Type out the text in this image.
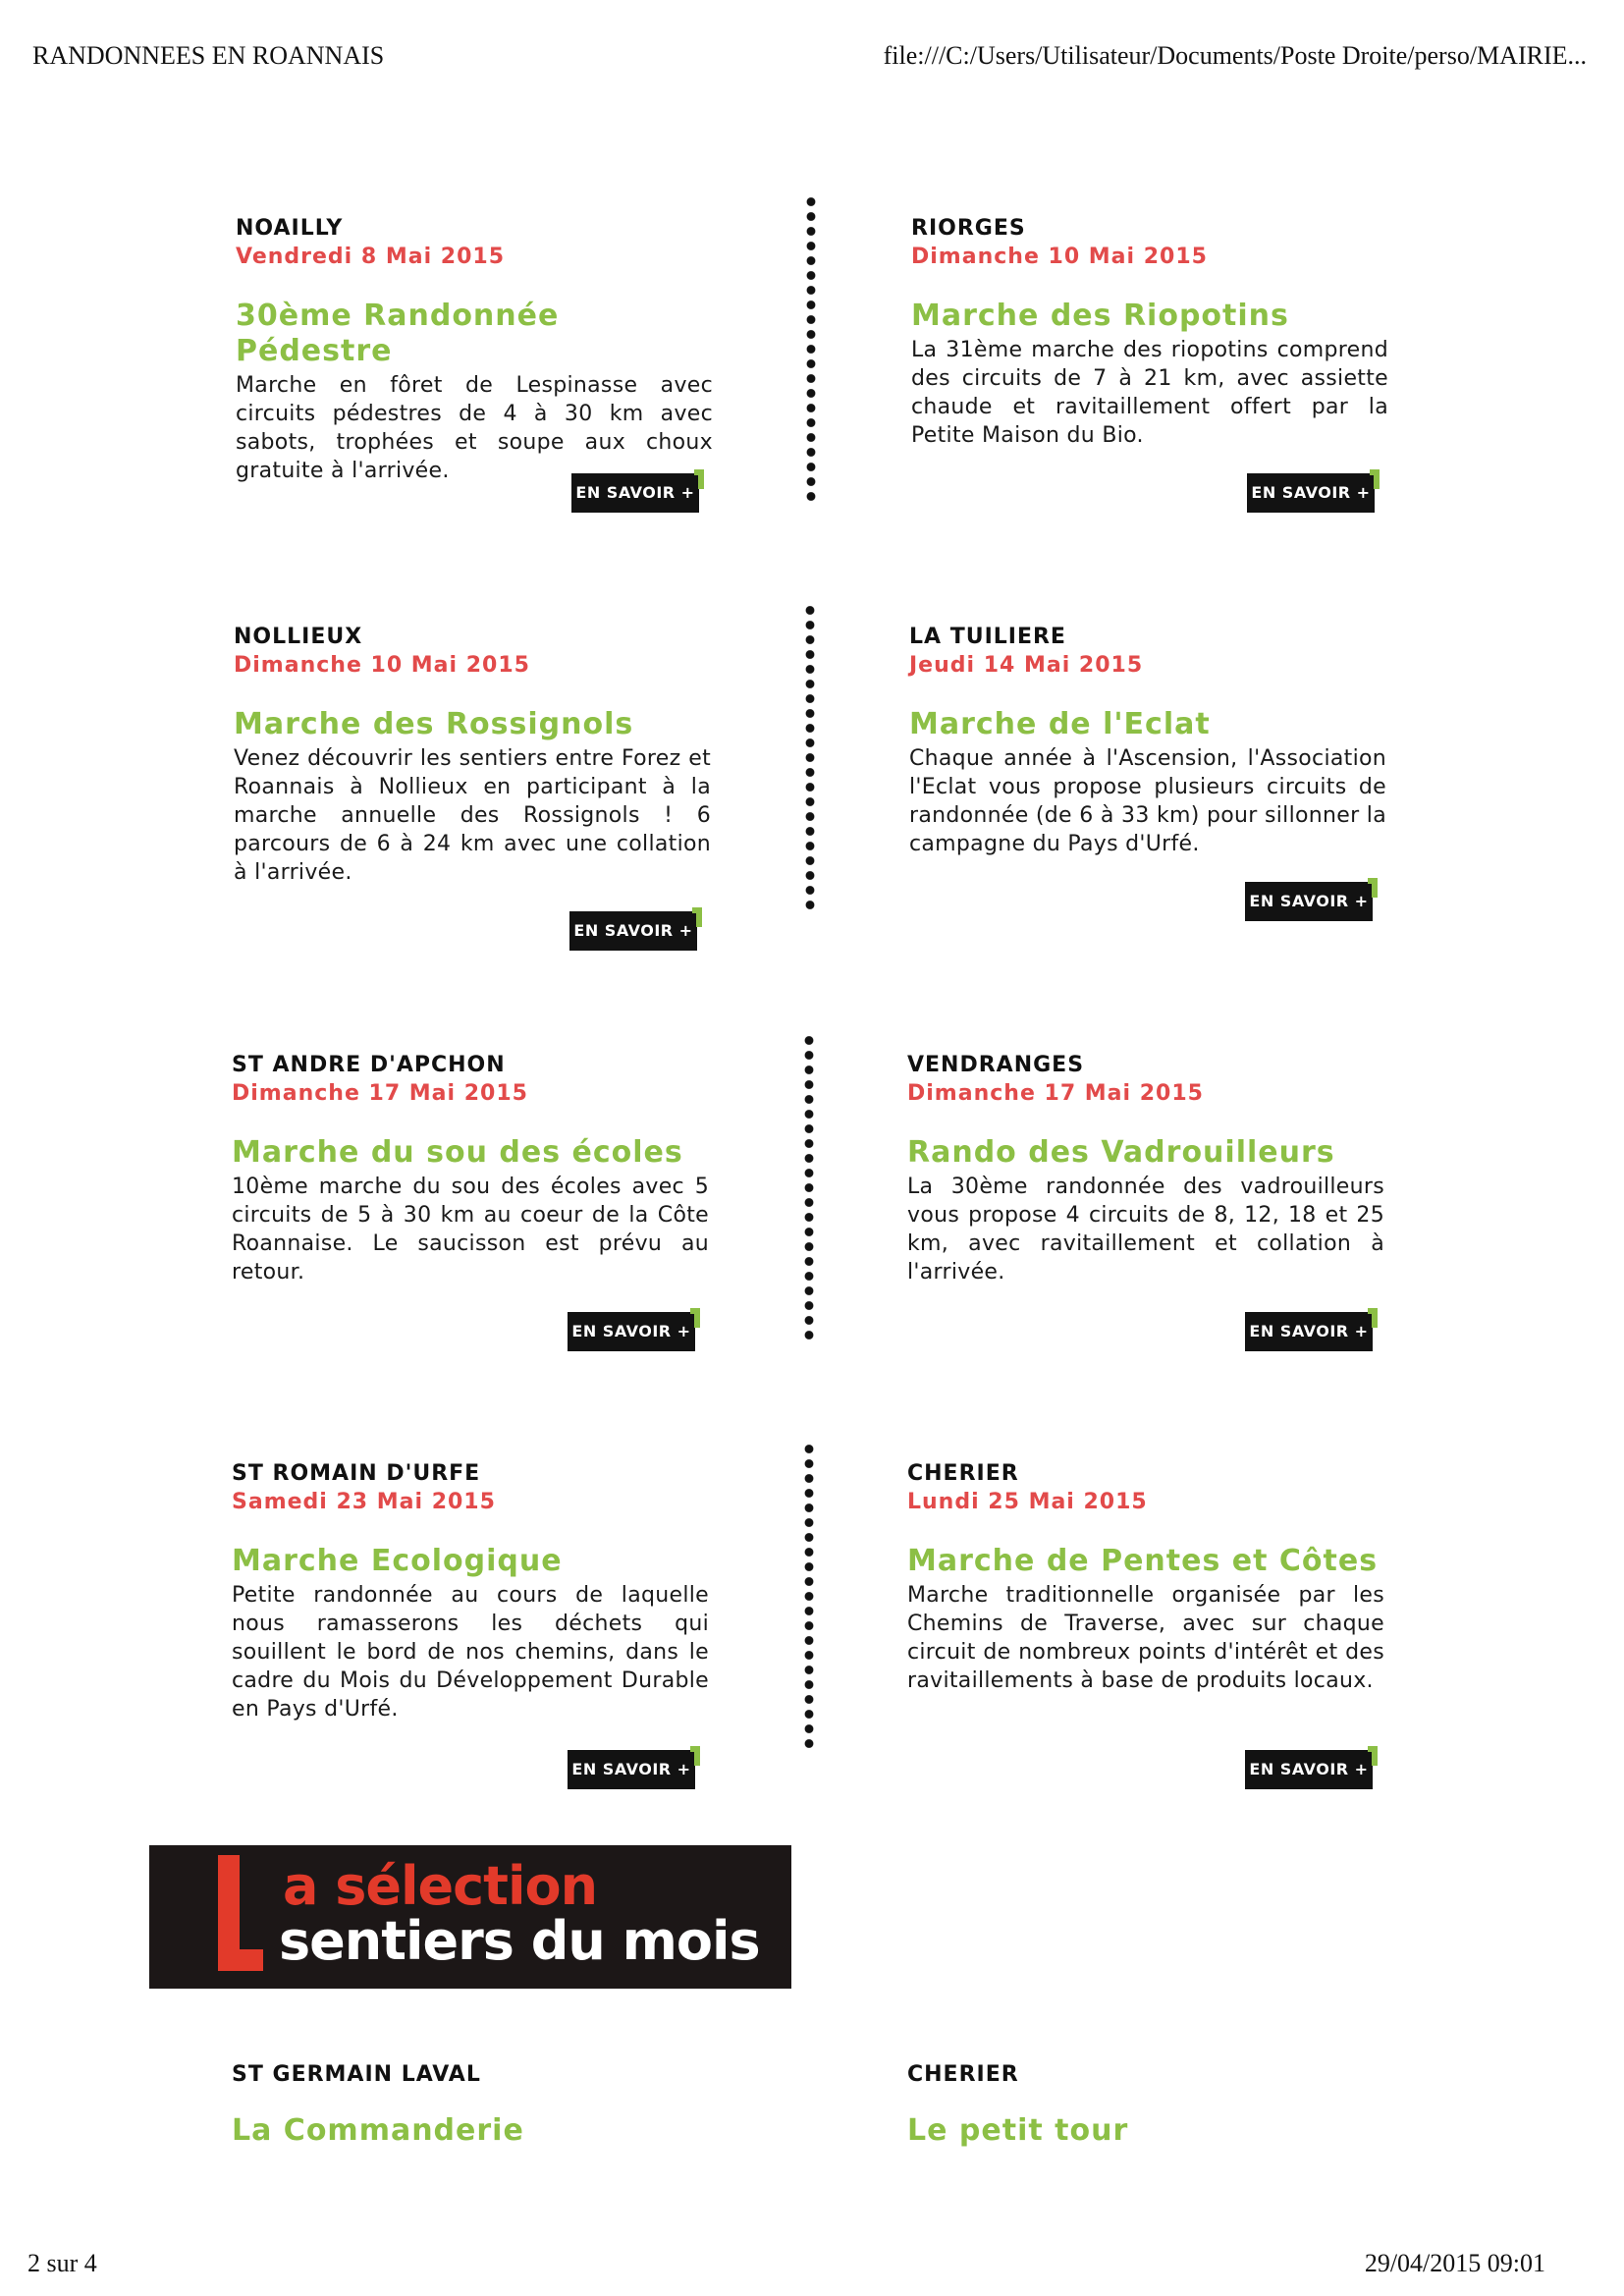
RANDONNEES EN ROANNAIS	file:///C:/Users/Utilisateur/Documents/Poste Droite/perso/MAIRIE...
NOAILLY
Vendredi 8 Mai 2015
30ème Randonnée Pédestre
Marche en fôret de Lespinasse avec circuits pédestres de 4 à 30 km avec sabots, trophées et soupe aux choux gratuite à l'arrivée.
EN SAVOIR +
RIORGES
Dimanche 10 Mai 2015
Marche des Riopotins
La 31ème marche des riopotins comprend des circuits de 7 à 21 km, avec assiette chaude et ravitaillement offert par la Petite Maison du Bio.
EN SAVOIR +
NOLLIEUX
Dimanche 10 Mai 2015
Marche des Rossignols
Venez découvrir les sentiers entre Forez et Roannais à Nollieux en participant à la marche annuelle des Rossignols ! 6 parcours de 6 à 24 km avec une collation à l'arrivée.
EN SAVOIR +
LA TUILIERE
Jeudi 14 Mai 2015
Marche de l'Eclat
Chaque année à l'Ascension, l'Association l'Eclat vous propose plusieurs circuits de randonnée (de 6 à 33 km) pour sillonner la campagne du Pays d'Urfé.
EN SAVOIR +
ST ANDRE D'APCHON
Dimanche 17 Mai 2015
Marche du sou des écoles
10ème marche du sou des écoles avec 5 circuits de 5 à 30 km au coeur de la Côte Roannaise. Le saucisson est prévu au retour.
EN SAVOIR +
VENDRANGES
Dimanche 17 Mai 2015
Rando des Vadrouilleurs
La 30ème randonnée des vadrouilleurs vous propose 4 circuits de 8, 12, 18 et 25 km, avec ravitaillement et collation à l'arrivée.
EN SAVOIR +
ST ROMAIN D'URFE
Samedi 23 Mai 2015
Marche Ecologique
Petite randonnée au cours de laquelle nous ramasserons les déchets qui souillent le bord de nos chemins, dans le cadre du Mois du Développement Durable en Pays d'Urfé.
EN SAVOIR +
CHERIER
Lundi 25 Mai 2015
Marche de Pentes et Côtes
Marche traditionnelle organisée par les Chemins de Traverse, avec sur chaque circuit de nombreux points d'intérêt et des ravitaillements à base de produits locaux.
EN SAVOIR +
a sélection
sentiers du mois
ST GERMAIN LAVAL
La Commanderie
CHERIER
Le petit tour
2 sur 4	29/04/2015 09:01
